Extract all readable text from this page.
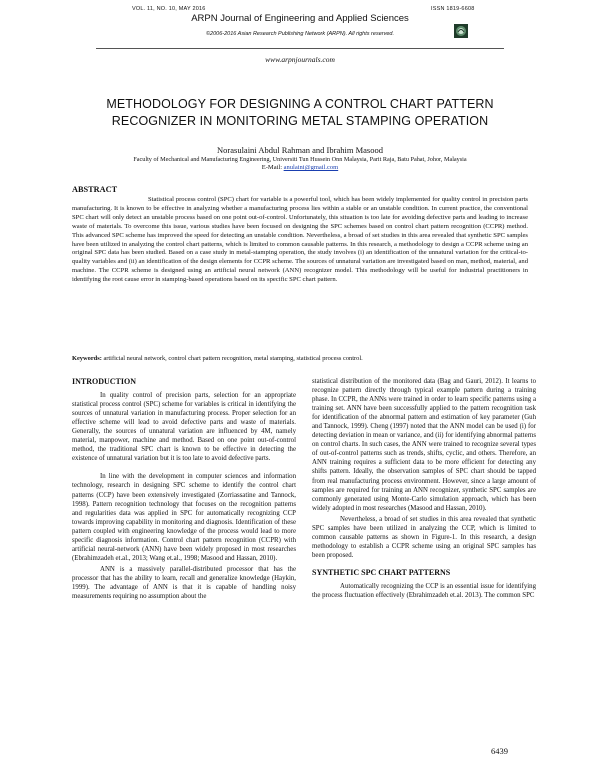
VOL. 11, NO. 10, MAY 2016	ISSN 1819-6608
ARPN Journal of Engineering and Applied Sciences
©2006-2016 Asian Research Publishing Network (ARPN). All rights reserved.
www.arpnjournals.com
METHODOLOGY FOR DESIGNING A CONTROL CHART PATTERN
RECOGNIZER IN MONITORING METAL STAMPING OPERATION
Norasulaini Abdul Rahman and Ibrahim Masood
Faculty of Mechanical and Manufacturing Engineering, Universiti Tun Hussein Onn Malaysia, Parit Raja, Batu Pahat, Johor, Malaysia
E-Mail: anulaini@gmail.com
ABSTRACT

Statistical process control (SPC) chart for variable is a powerful tool, which has been widely implemented for quality control in precision parts manufacturing. It is known to be effective in analyzing whether a manufacturing process lies within a stable or an unstable condition. In current practice, the conventional SPC chart will only detect an unstable process based on one point out-of-control. Unfortunately, this situation is too late for avoiding defective parts and leading to increase waste of materials. To overcome this issue, various studies have been focused on designing the SPC schemes based on control chart pattern recognition (CCPR) method. This advanced SPC scheme has improved the speed for detecting an unstable condition. Nevertheless, a broad of set studies in this area revealed that synthetic SPC samples have been utilized in analyzing the control chart patterns, which is limited to common causable patterns. In this research, a methodology to design a CCPR scheme using an original SPC data has been studied. Based on a case study in metal-stamping operation, the study involves (i) an identification of the unnatural variation for the critical-to-quality variables and (ii) an identification of the design elements for CCPR scheme. The sources of unnatural variation are investigated based on man, method, material, and machine. The CCPR scheme is designed using an artificial neural network (ANN) recognizer model. This methodology will be useful for industrial practitioners in identifying the root cause error in stamping-based operations based on its specific SPC chart pattern.

Keywords: artificial neural network, control chart pattern recognition, metal stamping, statistical process control.

INTRODUCTION

In quality control of precision parts, selection for an appropriate statistical process control (SPC) scheme for variables is critical in identifying the sources of unnatural variation in manufacturing process. Proper selection for an effective scheme will lead to avoid defective parts and waste of materials. Generally, the sources of unnatural variation are influenced by 4M, namely material, manpower, machine and method. Based on one point out-of-control method, the traditional SPC chart is known to be effective in detecting the existence of unnatural variation but it is too late to avoid defective parts.

In line with the development in computer sciences and information technology, research in designing SPC scheme to identify the control chart patterns (CCP) have been extensively investigated (Zorriassatine and Tannock, 1998). Pattern recognition technology that focuses on the recognition patterns and regularities data was applied in SPC for automatically recognizing CCP towards improving capability in monitoring and diagnosis. Identification of these pattern coupled with engineering knowledge of the process would lead to more specific diagnosis information. Control chart pattern recognition (CCPR) with artificial neural-network (ANN) have been widely proposed in most researches (Ebrahimzadeh et.al., 2013; Wang et.al., 1998; Masood and Hassan, 2010).

ANN is a massively parallel-distributed processor that has the processor that has the ability to learn, recall and generalize knowledge (Haykin, 1999). The advantage of ANN is that it is capable of handling noisy measurements requiring no assumption about the

statistical distribution of the monitored data (Bag and Gauri, 2012). It learns to recognize pattern directly through typical example pattern during a training phase. In CCPR, the ANNs were trained in order to learn specific patterns using a training set. ANN have been successfully applied to the pattern recognition task for identification of the abnormal pattern and estimation of key parameter (Guh and Tannock, 1999). Cheng (1997) noted that the ANN model can be used (i) for detecting deviation in mean or variance, and (ii) for identifying abnormal patterns on control charts. In such cases, the ANN were trained to recognize several types of out-of-control patterns such as trends, shifts, cyclic, and others. Therefore, an ANN training requires a sufficient data to be more efficient for detecting any shifts pattern. Ideally, the observation samples of SPC chart should be tapped from real manufacturing process environment. However, since a large amount of samples are required for training an ANN recognizer, synthetic SPC samples are commonly generated using Monte-Carlo simulation approach, which has been widely adopted in most researches (Masood and Hassan, 2010).

Nevertheless, a broad of set studies in this area revealed that synthetic SPC samples have been utilized in analyzing the CCP, which is limited to common causable patterns as shown in Figure-1. In this research, a design methodology to establish a CCPR scheme using an original SPC samples has been proposed.

SYNTHETIC SPC CHART PATTERNS

Automatically recognizing the CCP is an essential issue for identifying the process fluctuation effectively (Ebrahimzadeh et.al. 2013). The common SPC

6439
